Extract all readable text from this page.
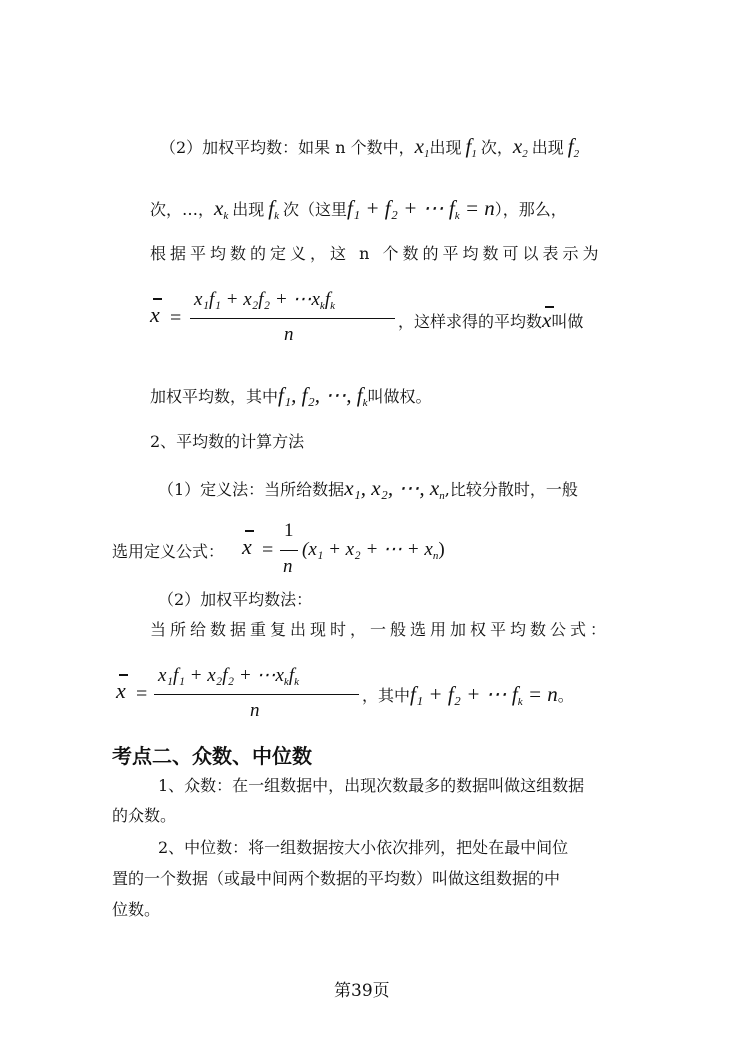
（2）加权平均数：如果 n 个数中，$x_1$出现 $f_1$ 次，$x_2$ 出现 $f_2$
次，…，$x_k$ 出现 $f_k$ 次（这里f₁ + f₂ + ⋯ $f_k = n$），那么，
根据平均数的定义，这 n 个数的平均数可以表示为
x =
$x_1f_1 + x_2f_2 + \cdots x_kf_k$
n
，这样求得的平均数x
叫做
加权平均数，其中f₁, f₂, ⋯, $f_k$叫做权。
2、平均数的计算方法
（1）定义法：当所给数据x₁, x₂, ⋯, $x_n$,比较分散时，一般
选用定义公式： x =
1
n
(x₁ + x₂ + ⋯ + $x_n$)
（2）加权平均数法：
当所给数据重复出现时，一般选用加权平均数公式：
x =
$x_1f_1 + x_2f_2 + \cdots x_kf_k$
n
，其中f₁ + f₂ + ⋯ $f_k = n$。
考点二、众数、中位数
1、众数：在一组数据中，出现次数最多的数据叫做这组数据
的众数。
2、中位数：将一组数据按大小依次排列，把处在最中间位
置的一个数据（或最中间两个数据的平均数）叫做这组数据的中
位数。
第39页
